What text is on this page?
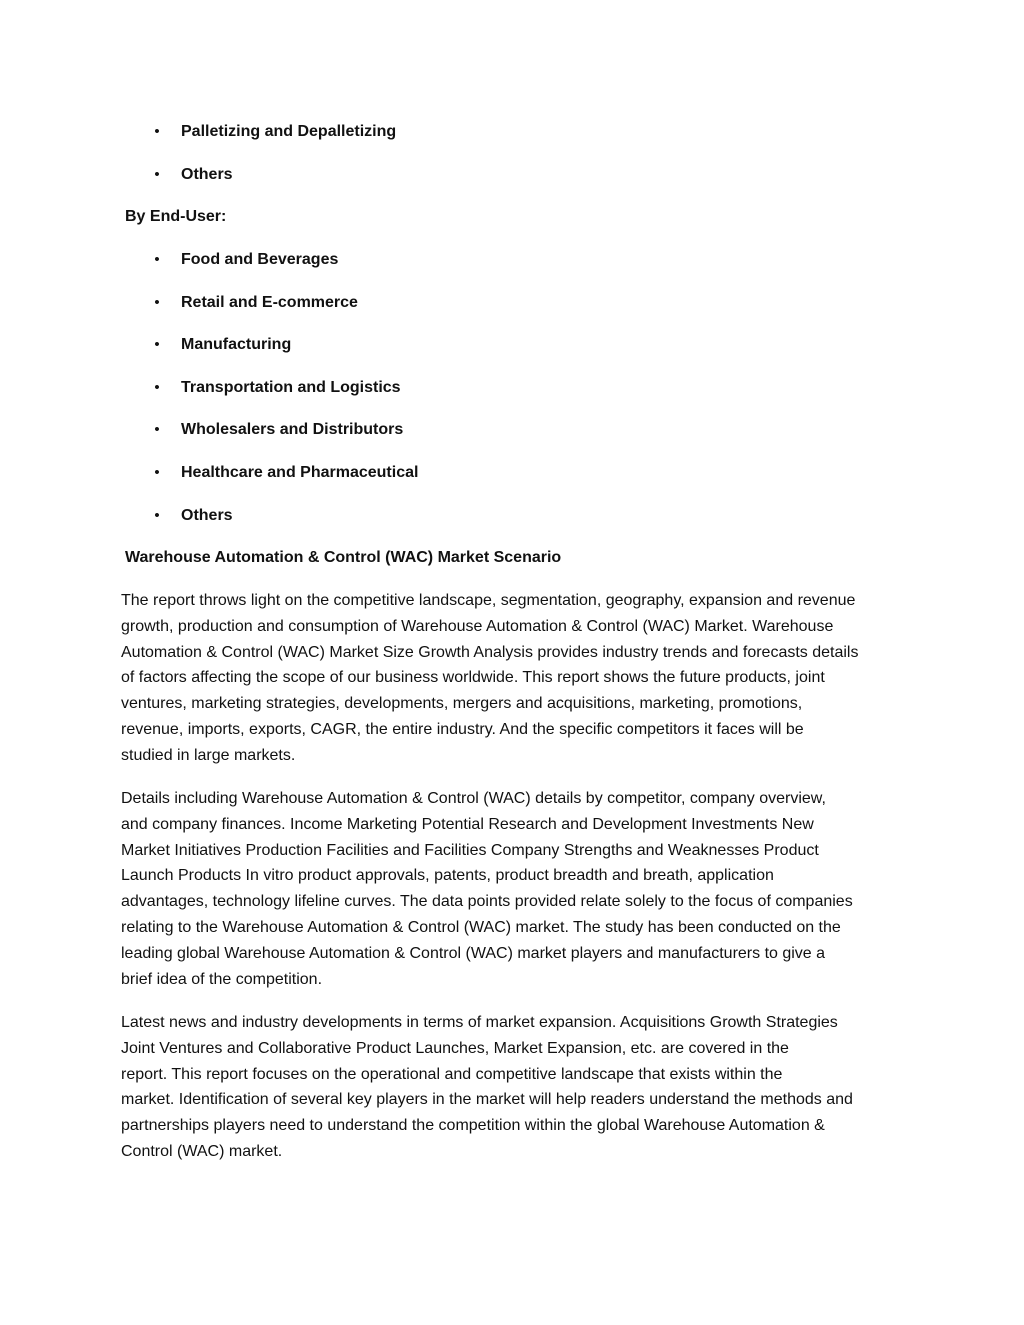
• Palletizing and Depalletizing
• Others
By End-User:
• Food and Beverages
• Retail and E-commerce
• Manufacturing
• Transportation and Logistics
• Wholesalers and Distributors
• Healthcare and Pharmaceutical
• Others
Warehouse Automation & Control (WAC) Market Scenario

The report throws light on the competitive landscape, segmentation, geography, expansion and revenue
growth, production and consumption of Warehouse Automation & Control (WAC) Market. Warehouse
Automation & Control (WAC) Market Size Growth Analysis provides industry trends and forecasts details
of factors affecting the scope of our business worldwide. This report shows the future products, joint
ventures, marketing strategies, developments, mergers and acquisitions, marketing, promotions,
revenue, imports, exports, CAGR, the entire industry. And the specific competitors it faces will be
studied in large markets.

Details including Warehouse Automation & Control (WAC) details by competitor, company overview,
and company finances. Income Marketing Potential Research and Development Investments New
Market Initiatives Production Facilities and Facilities Company Strengths and Weaknesses Product
Launch Products In vitro product approvals, patents, product breadth and breath, application
advantages, technology lifeline curves. The data points provided relate solely to the focus of companies
relating to the Warehouse Automation & Control (WAC) market. The study has been conducted on the
leading global Warehouse Automation & Control (WAC) market players and manufacturers to give a
brief idea of the competition.

Latest news and industry developments in terms of market expansion. Acquisitions Growth Strategies
Joint Ventures and Collaborative Product Launches, Market Expansion, etc. are covered in the
report. This report focuses on the operational and competitive landscape that exists within the
market. Identification of several key players in the market will help readers understand the methods and
partnerships players need to understand the competition within the global Warehouse Automation &
Control (WAC) market.
